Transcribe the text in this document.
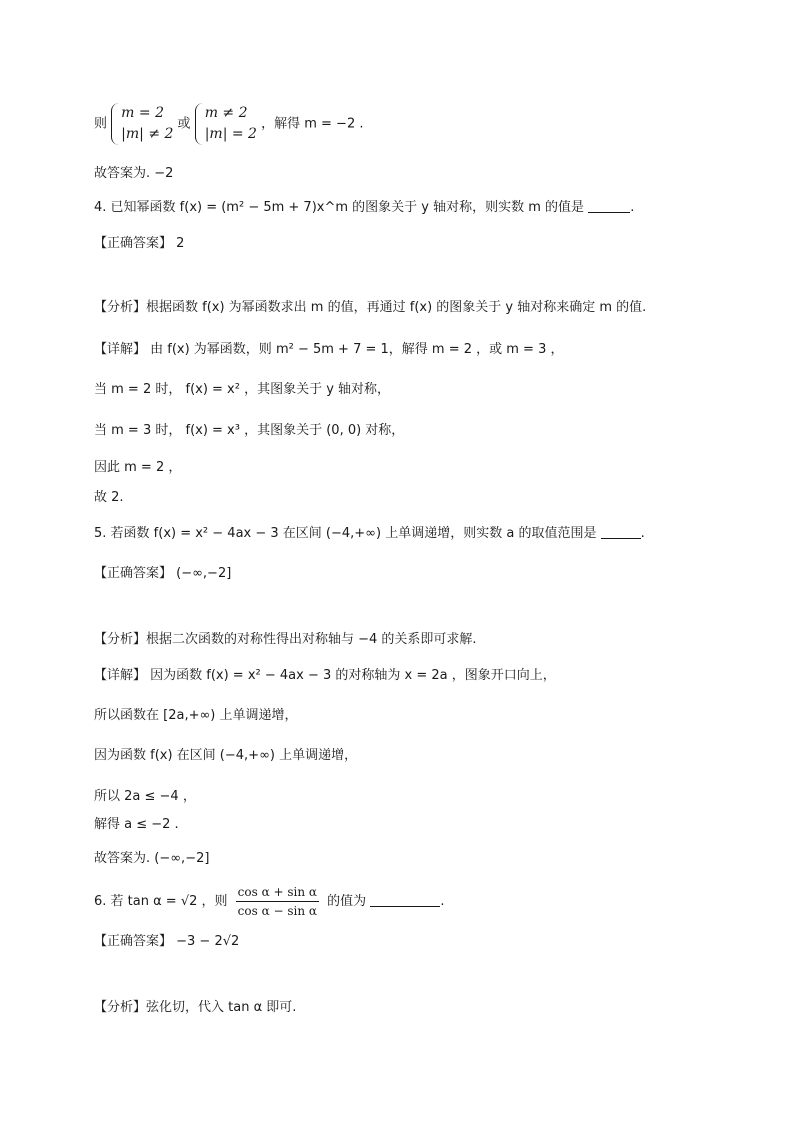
则
m = 2
|m| ≠ 2
或
m ≠ 2
|m| = 2
，解得 m = −2 .
故答案为. −2
4. 已知幂函数 f(x) = (m² − 5m + 7)x^m 的图象关于 y 轴对称，则实数 m 的值是	.
【正确答案】 2
【分析】根据函数 f(x) 为幂函数求出 m 的值，再通过 f(x) 的图象关于 y 轴对称来确定 m 的值.
【详解】 由 f(x) 为幂函数，则 m² − 5m + 7 = 1，解得 m = 2 ，或 m = 3 ，
当 m = 2 时， f(x) = x² ，其图象关于 y 轴对称，
当 m = 3 时， f(x) = x³ ，其图象关于 (0, 0) 对称，
因此 m = 2 ，
故 2.
5. 若函数 f(x) = x² − 4ax − 3 在区间 (−4,+∞) 上单调递增，则实数 a 的取值范围是	.
【正确答案】 (−∞,−2]
【分析】根据二次函数的对称性得出对称轴与 −4 的关系即可求解.
【详解】 因为函数 f(x) = x² − 4ax − 3 的对称轴为 x = 2a ，图象开口向上，
所以函数在 [2a,+∞) 上单调递增，
因为函数 f(x) 在区间 (−4,+∞) 上单调递增，
所以 2a ≤ −4 ，
解得 a ≤ −2 .
故答案为. (−∞,−2]
6. 若 tan α = √2 ，则 $\frac{\text{cos α + sin α}}{\text{cos α − sin α}}$ 的值为	.
【正确答案】 −3 − 2√2
【分析】弦化切，代入 tan α 即可.
